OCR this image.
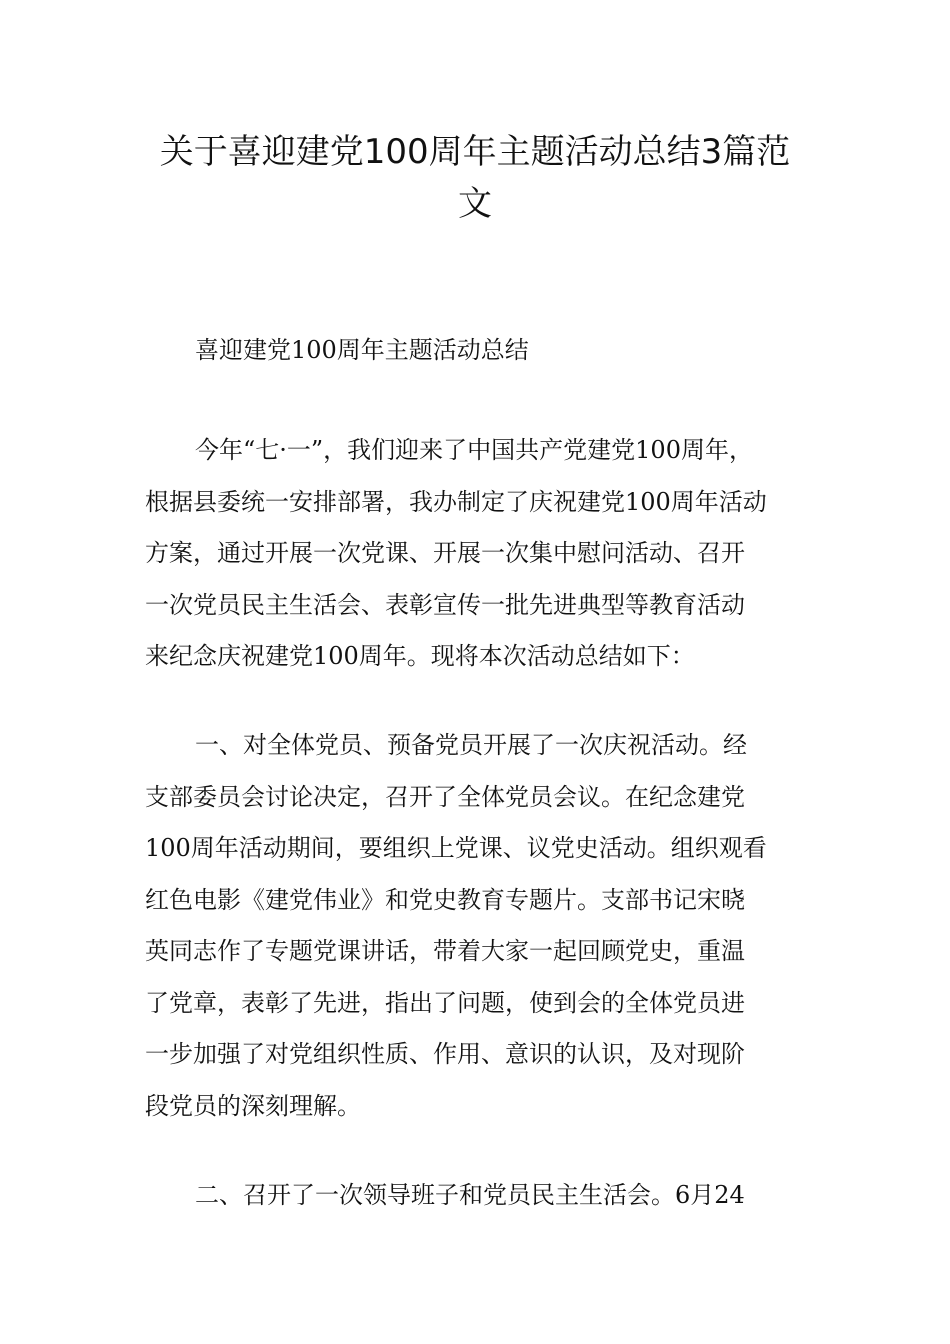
关于喜迎建党100周年主题活动总结3篇范
文

喜迎建党100周年主题活动总结

今年“七·一”，我们迎来了中国共产党建党100周年，
根据县委统一安排部署，我办制定了庆祝建党100周年活动
方案，通过开展一次党课、开展一次集中慰问活动、召开
一次党员民主生活会、表彰宣传一批先进典型等教育活动
来纪念庆祝建党100周年。现将本次活动总结如下：

一、对全体党员、预备党员开展了一次庆祝活动。经
支部委员会讨论决定，召开了全体党员会议。在纪念建党
100周年活动期间，要组织上党课、议党史活动。组织观看
红色电影《建党伟业》和党史教育专题片。支部书记宋晓
英同志作了专题党课讲话，带着大家一起回顾党史，重温
了党章，表彰了先进，指出了问题，使到会的全体党员进
一步加强了对党组织性质、作用、意识的认识，及对现阶
段党员的深刻理解。

二、召开了一次领导班子和党员民主生活会。6月24
